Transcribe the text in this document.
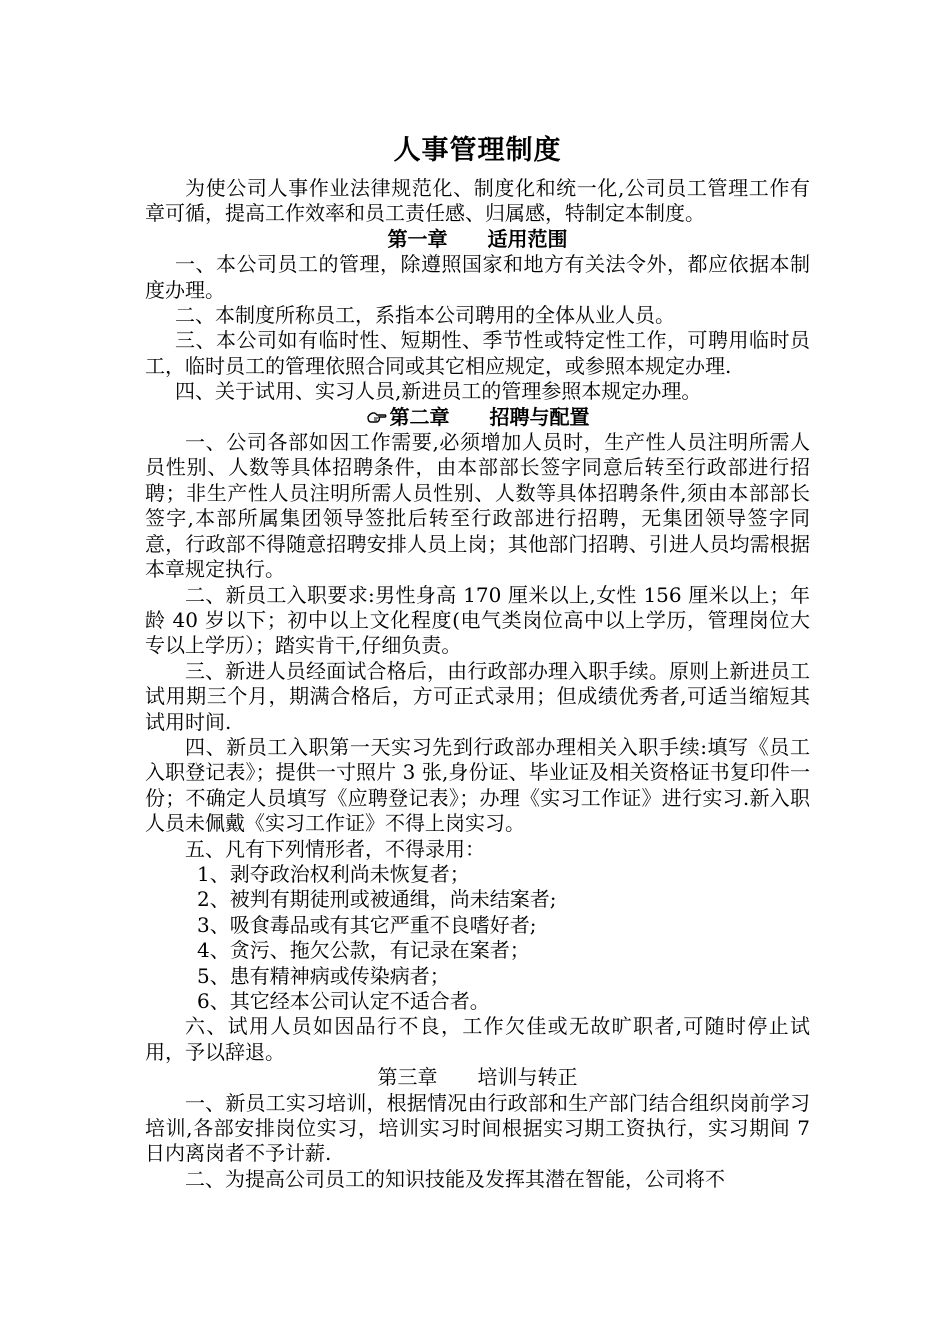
人事管理制度

为使公司人事作业法律规范化、制度化和统一化,公司员工管理工作有章可循，提高工作效率和员工责任感、归属感，特制定本制度。

第一章 适用范围

一、本公司员工的管理，除遵照国家和地方有关法令外，都应依据本制度办理。

二、本制度所称员工，系指本公司聘用的全体从业人员。

三、本公司如有临时性、短期性、季节性或特定性工作，可聘用临时员工，临时员工的管理依照合同或其它相应规定，或参照本规定办理.

四、关于试用、实习人员,新进员工的管理参照本规定办理。

第二章 招聘与配置

一、公司各部如因工作需要,必须增加人员时，生产性人员注明所需人员性别、人数等具体招聘条件，由本部部长签字同意后转至行政部进行招聘；非生产性人员注明所需人员性别、人数等具体招聘条件,须由本部部长签字,本部所属集团领导签批后转至行政部进行招聘，无集团领导签字同意，行政部不得随意招聘安排人员上岗；其他部门招聘、引进人员均需根据本章规定执行。

二、新员工入职要求:男性身高 170 厘米以上,女性 156 厘米以上；年龄 40 岁以下；初中以上文化程度(电气类岗位高中以上学历，管理岗位大专以上学历）；踏实肯干,仔细负责。

三、新进人员经面试合格后，由行政部办理入职手续。原则上新进员工试用期三个月，期满合格后，方可正式录用；但成绩优秀者,可适当缩短其试用时间.

四、新员工入职第一天实习先到行政部办理相关入职手续:填写《员工入职登记表》；提供一寸照片 3 张,身份证、毕业证及相关资格证书复印件一份；不确定人员填写《应聘登记表》；办理《实习工作证》进行实习.新入职人员未佩戴《实习工作证》不得上岗实习。

五、凡有下列情形者，不得录用：

1、剥夺政治权利尚未恢复者；

2、被判有期徒刑或被通缉，尚未结案者;

3、吸食毒品或有其它严重不良嗜好者;

4、贪污、拖欠公款，有记录在案者；

5、患有精神病或传染病者；

6、其它经本公司认定不适合者。

六、试用人员如因品行不良，工作欠佳或无故旷职者,可随时停止试用，予以辞退。

第三章 培训与转正

一、新员工实习培训，根据情况由行政部和生产部门结合组织岗前学习培训,各部安排岗位实习，培训实习时间根据实习期工资执行，实习期间 7 日内离岗者不予计薪.

二、为提高公司员工的知识技能及发挥其潜在智能，公司将不
